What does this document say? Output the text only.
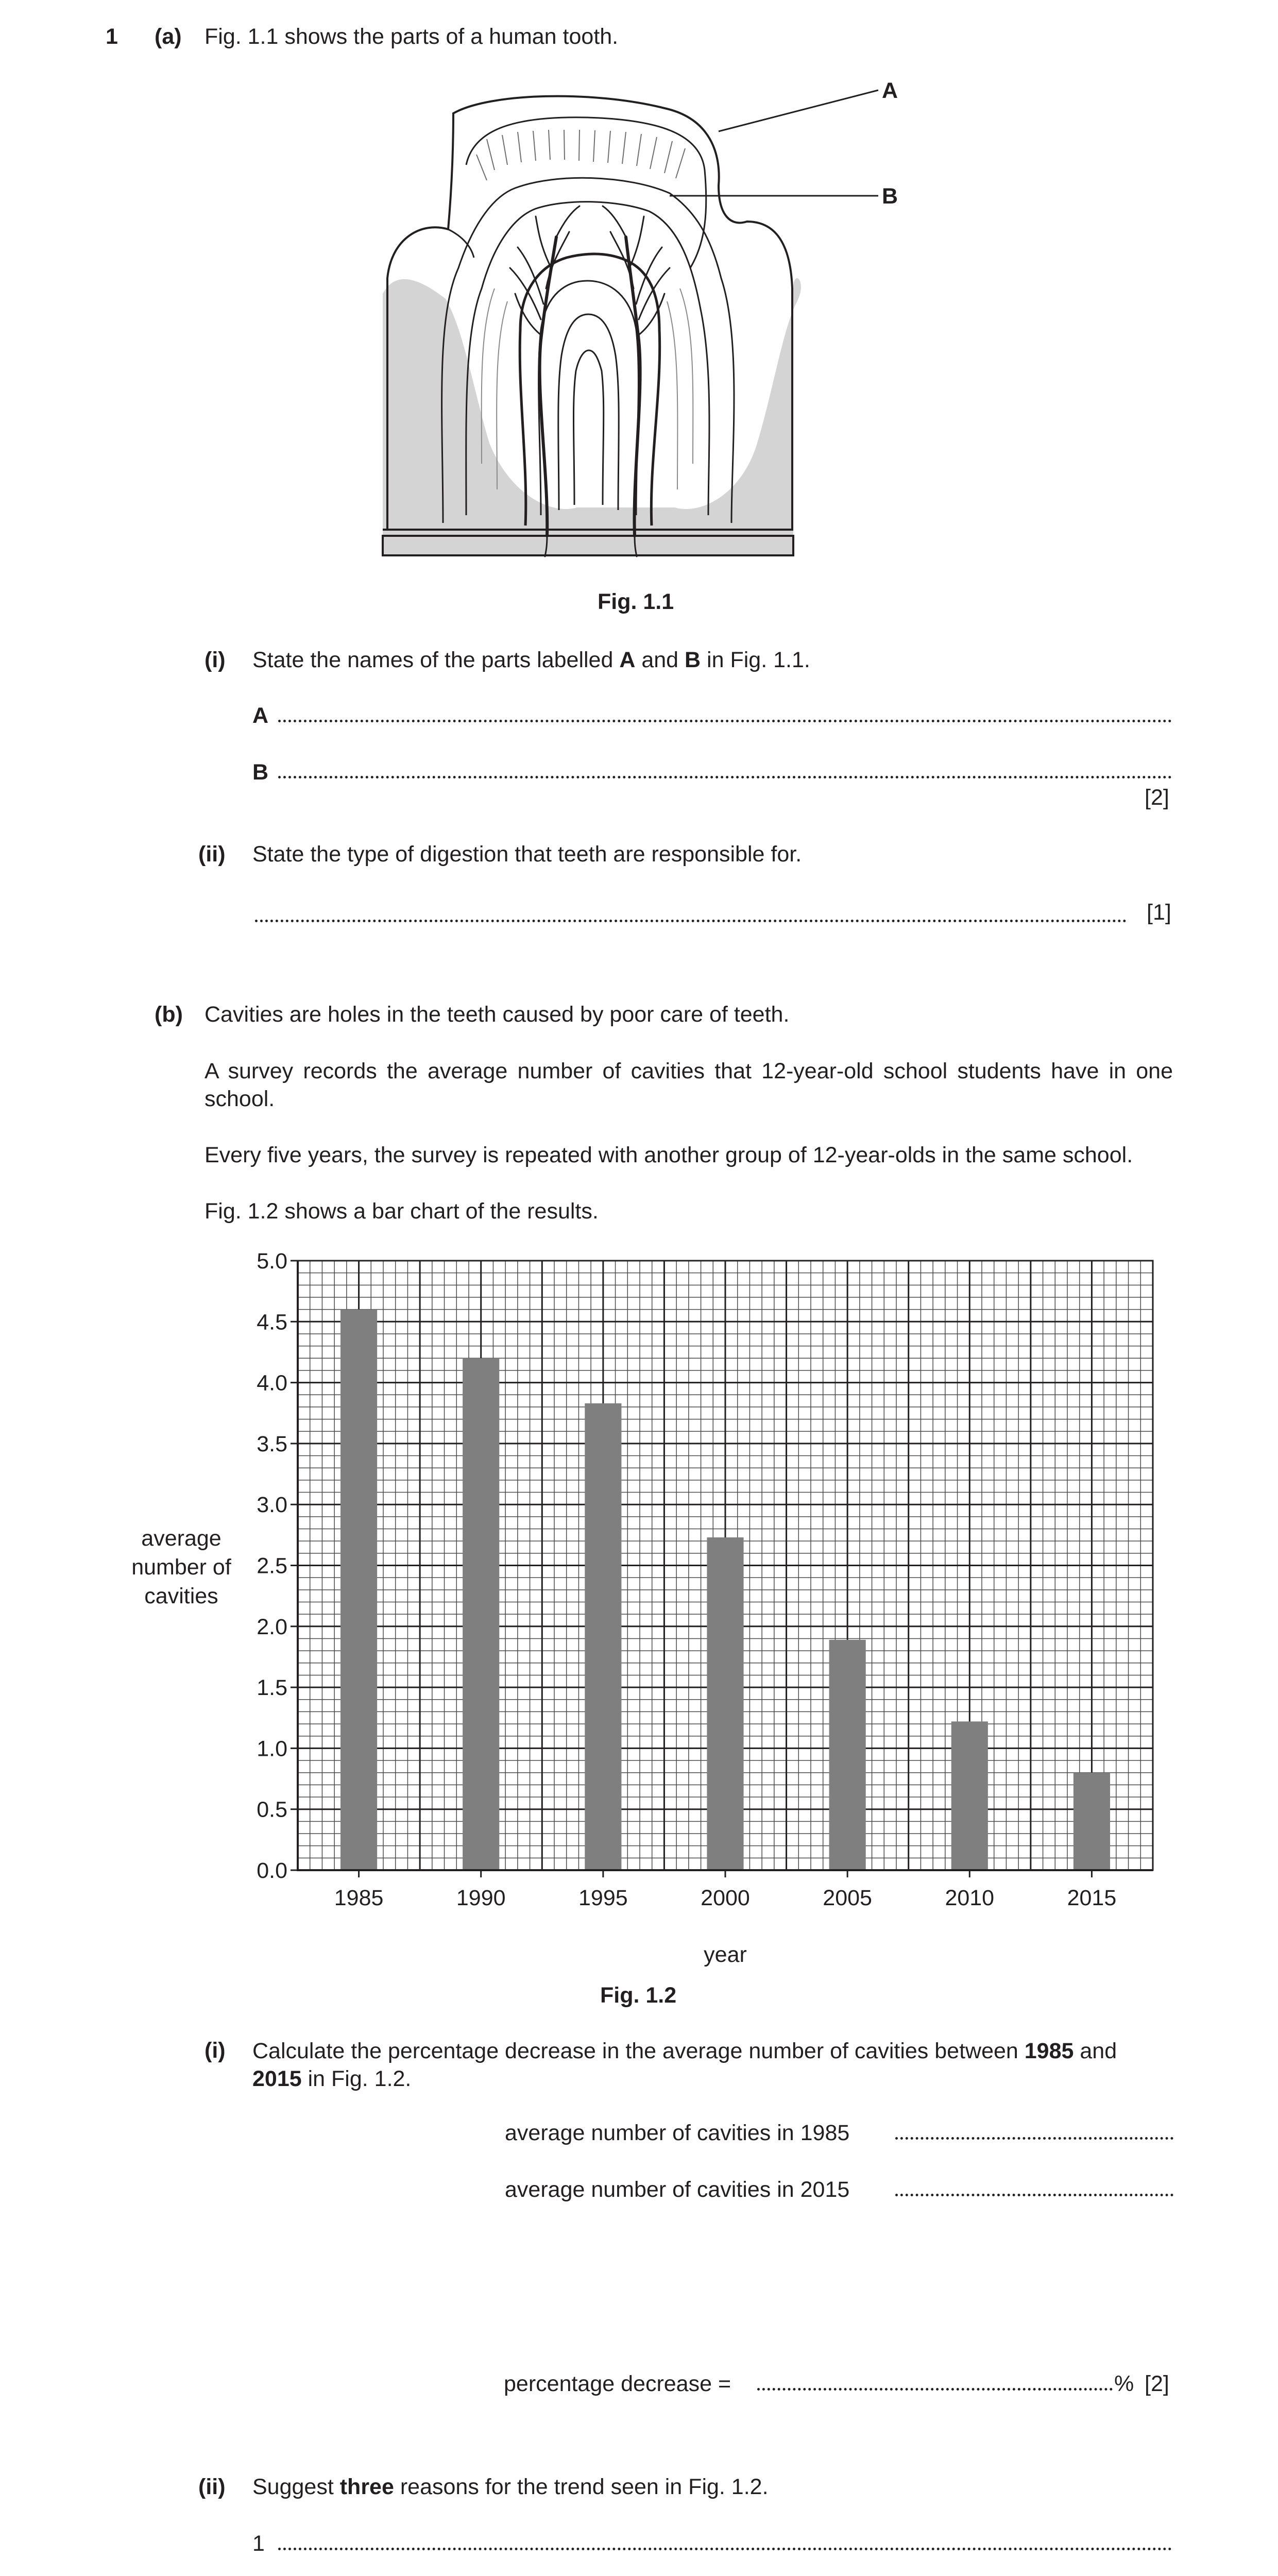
1 (a) Fig. 1.1 shows the parts of a human tooth.
A
B
Fig. 1.1
(i) State the names of the parts labelled A and B in Fig. 1.1.
A
B
[2]
(ii) State the type of digestion that teeth are responsible for.
[1]
(b) Cavities are holes in the teeth caused by poor care of teeth.
A survey records the average number of cavities that 12-year-old school students have in one school.
Every five years, the survey is repeated with another group of 12-year-olds in the same school.
Fig. 1.2 shows a bar chart of the results.
0.0
0.5
1.0
1.5
2.0
2.5
3.0
3.5
4.0
4.5
5.0
1985	1990	1995	2000	2005	2010	2015
year
average
number of
cavities
Fig. 1.2
(i) Calculate the percentage decrease in the average number of cavities between 1985 and
2015 in Fig. 1.2.
average number of cavities in 1985
average number of cavities in 2015
percentage decrease =	% [2]
(ii) Suggest three reasons for the trend seen in Fig. 1.2.
1
